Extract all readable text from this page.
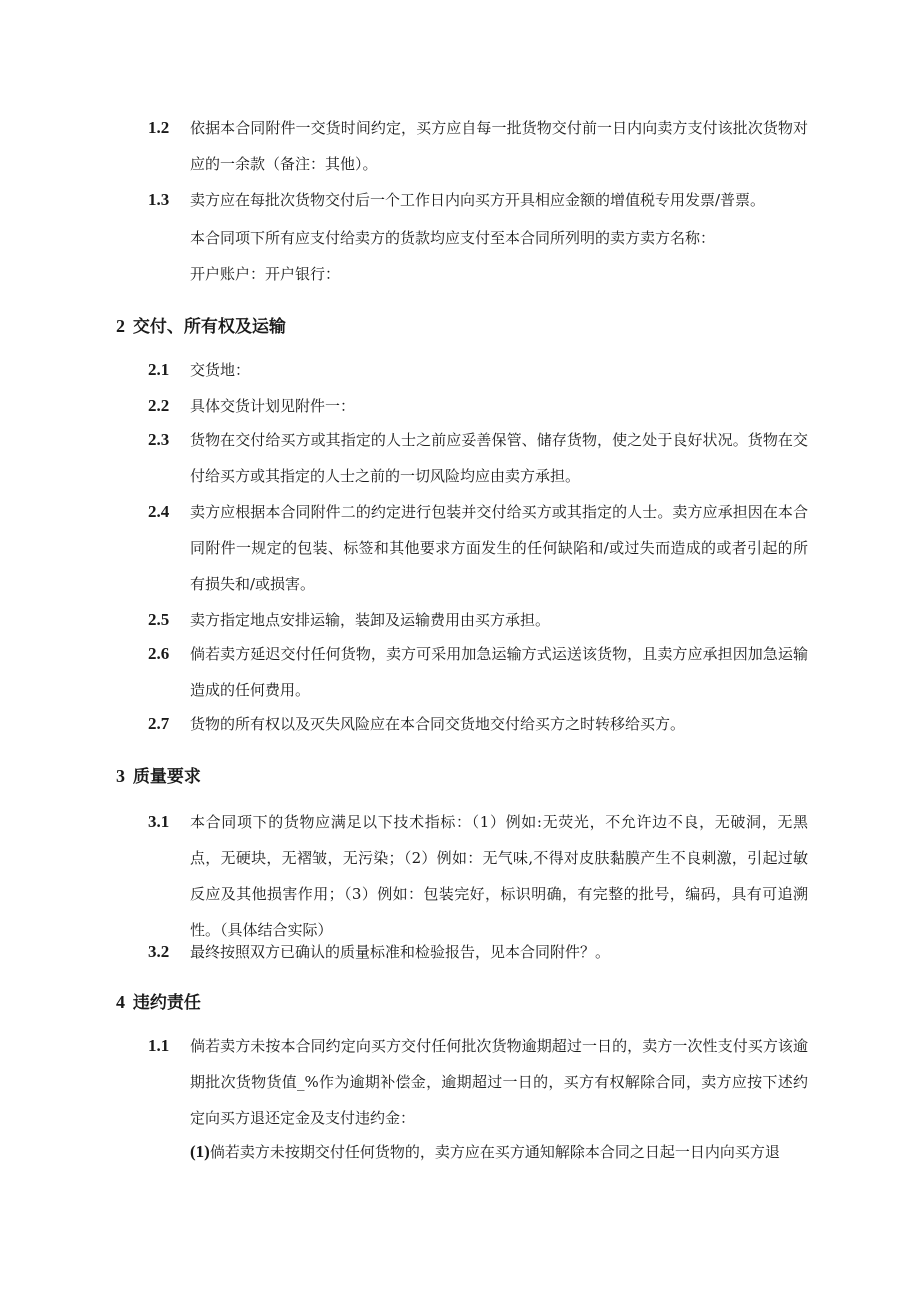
1.2 依据本合同附件一交货时间约定，买方应自每一批货物交付前一日内向卖方支付该批次货物对应的一余款（备注：其他）。
1.3 卖方应在每批次货物交付后一个工作日内向买方开具相应金额的增值税专用发票/普票。
本合同项下所有应支付给卖方的货款均应支付至本合同所列明的卖方卖方名称：
开户账户：开户银行：
2 交付、所有权及运输
2.1 交货地：
2.2 具体交货计划见附件一：
2.3 货物在交付给买方或其指定的人士之前应妥善保管、储存货物，使之处于良好状况。货物在交付给买方或其指定的人士之前的一切风险均应由卖方承担。
2.4 卖方应根据本合同附件二的约定进行包装并交付给买方或其指定的人士。卖方应承担因在本合同附件一规定的包装、标签和其他要求方面发生的任何缺陷和/或过失而造成的或者引起的所有损失和/或损害。
2.5 卖方指定地点安排运输，装卸及运输费用由买方承担。
2.6 倘若卖方延迟交付任何货物，卖方可采用加急运输方式运送该货物，且卖方应承担因加急运输造成的任何费用。
2.7 货物的所有权以及灭失风险应在本合同交货地交付给买方之时转移给买方。
3 质量要求
3.1 本合同项下的货物应满足以下技术指标：（1）例如:无荧光，不允许边不良，无破洞，无黑点，无硬块，无褶皱，无污染；（2）例如：无气味,不得对皮肤黏膜产生不良刺激，引起过敏反应及其他损害作用；（3）例如：包装完好，标识明确，有完整的批号，编码，具有可追溯性。（具体结合实际）
3.2 最终按照双方已确认的质量标准和检验报告，见本合同附件？。
4 违约责任
1.1 倘若卖方未按本合同约定向买方交付任何批次货物逾期超过一日的，卖方一次性支付买方该逾期批次货物货值_%作为逾期补偿金，逾期超过一日的，买方有权解除合同，卖方应按下述约定向买方退还定金及支付违约金：
(1)倘若卖方未按期交付任何货物的，卖方应在买方通知解除本合同之日起一日内向买方退
